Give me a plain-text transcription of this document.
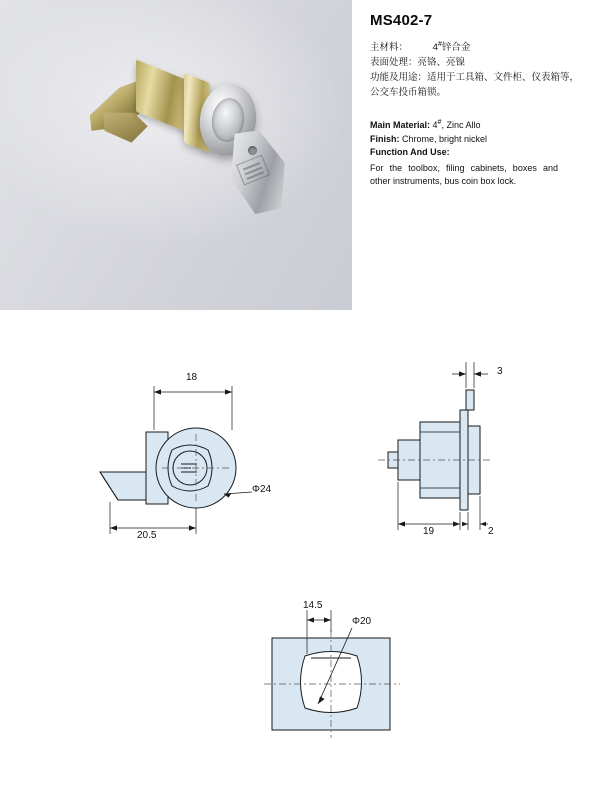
MS402-7
主材料：	4#锌合金
表面处理：亮铬、亮镍
功能及用途：适用于工具箱、文件柜、仪表箱等，公交车投币箱锁。
Main Material: 4#, Zinc Allo
Finish: Chrome, bright nickel
Function And Use:
For the toolbox, filing cabinets, boxes and other instruments, bus coin box lock.
18
20.5
Φ24
3
19	2
14.5
Φ20
